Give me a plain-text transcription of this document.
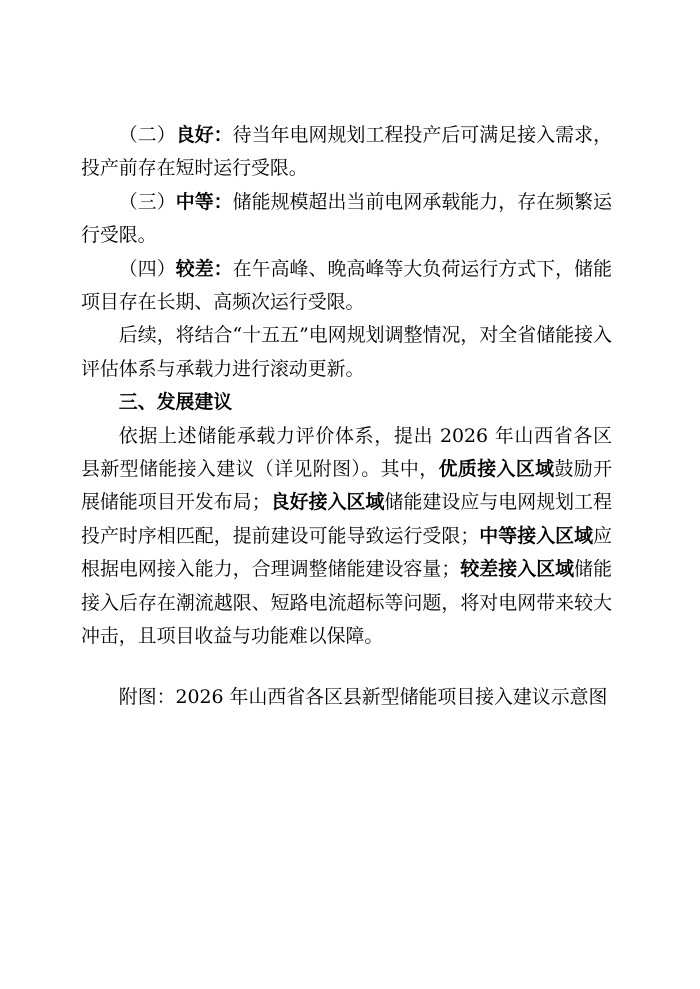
（二）良好：待当年电网规划工程投产后可满足接入需求，投产前存在短时运行受限。

（三）中等：储能规模超出当前电网承载能力，存在频繁运行受限。

（四）较差：在午高峰、晚高峰等大负荷运行方式下，储能项目存在长期、高频次运行受限。

后续，将结合“十五五”电网规划调整情况，对全省储能接入评估体系与承载力进行滚动更新。

三、发展建议

依据上述储能承载力评价体系，提出 2026 年山西省各区县新型储能接入建议（详见附图）。其中，优质接入区域鼓励开展储能项目开发布局；良好接入区域储能建设应与电网规划工程投产时序相匹配，提前建设可能导致运行受限；中等接入区域应根据电网接入能力，合理调整储能建设容量；较差接入区域储能接入后存在潮流越限、短路电流超标等问题，将对电网带来较大冲击，且项目收益与功能难以保障。

附图：2026 年山西省各区县新型储能项目接入建议示意图
